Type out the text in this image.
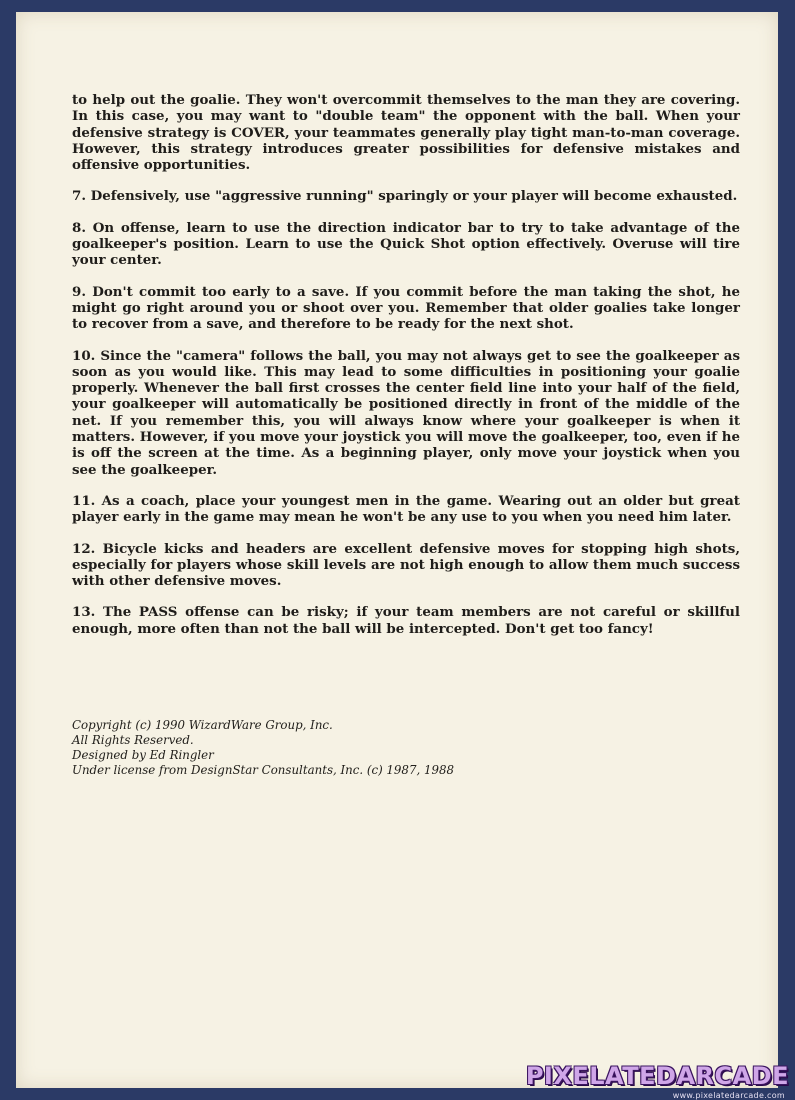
to help out the goalie. They won't overcommit themselves to the man they are covering. In this case, you may want to "double team" the opponent with the ball. When your defensive strategy is COVER, your teammates generally play tight man-to-man coverage. However, this strategy introduces greater possibilities for defensive mistakes and offensive opportunities.

7. Defensively, use "aggressive running" sparingly or your player will become exhausted.

8. On offense, learn to use the direction indicator bar to try to take advantage of the goalkeeper's position. Learn to use the Quick Shot option effectively. Overuse will tire your center.

9. Don't commit too early to a save. If you commit before the man taking the shot, he might go right around you or shoot over you. Remember that older goalies take longer to recover from a save, and therefore to be ready for the next shot.

10. Since the "camera" follows the ball, you may not always get to see the goalkeeper as soon as you would like. This may lead to some difficulties in positioning your goalie properly. Whenever the ball first crosses the center field line into your half of the field, your goalkeeper will automatically be positioned directly in front of the middle of the net. If you remember this, you will always know where your goalkeeper is when it matters. However, if you move your joystick you will move the goalkeeper, too, even if he is off the screen at the time. As a beginning player, only move your joystick when you see the goalkeeper.

11. As a coach, place your youngest men in the game. Wearing out an older but great player early in the game may mean he won't be any use to you when you need him later.

12. Bicycle kicks and headers are excellent defensive moves for stopping high shots, especially for players whose skill levels are not high enough to allow them much success with other defensive moves.

13. The PASS offense can be risky; if your team members are not careful or skillful enough, more often than not the ball will be intercepted. Don't get too fancy!

Copyright (c) 1990 WizardWare Group, Inc.
All Rights Reserved.
Designed by Ed Ringler
Under license from DesignStar Consultants, Inc. (c) 1987, 1988
PIXELATEDARCADE
www.pixelatedarcade.com
